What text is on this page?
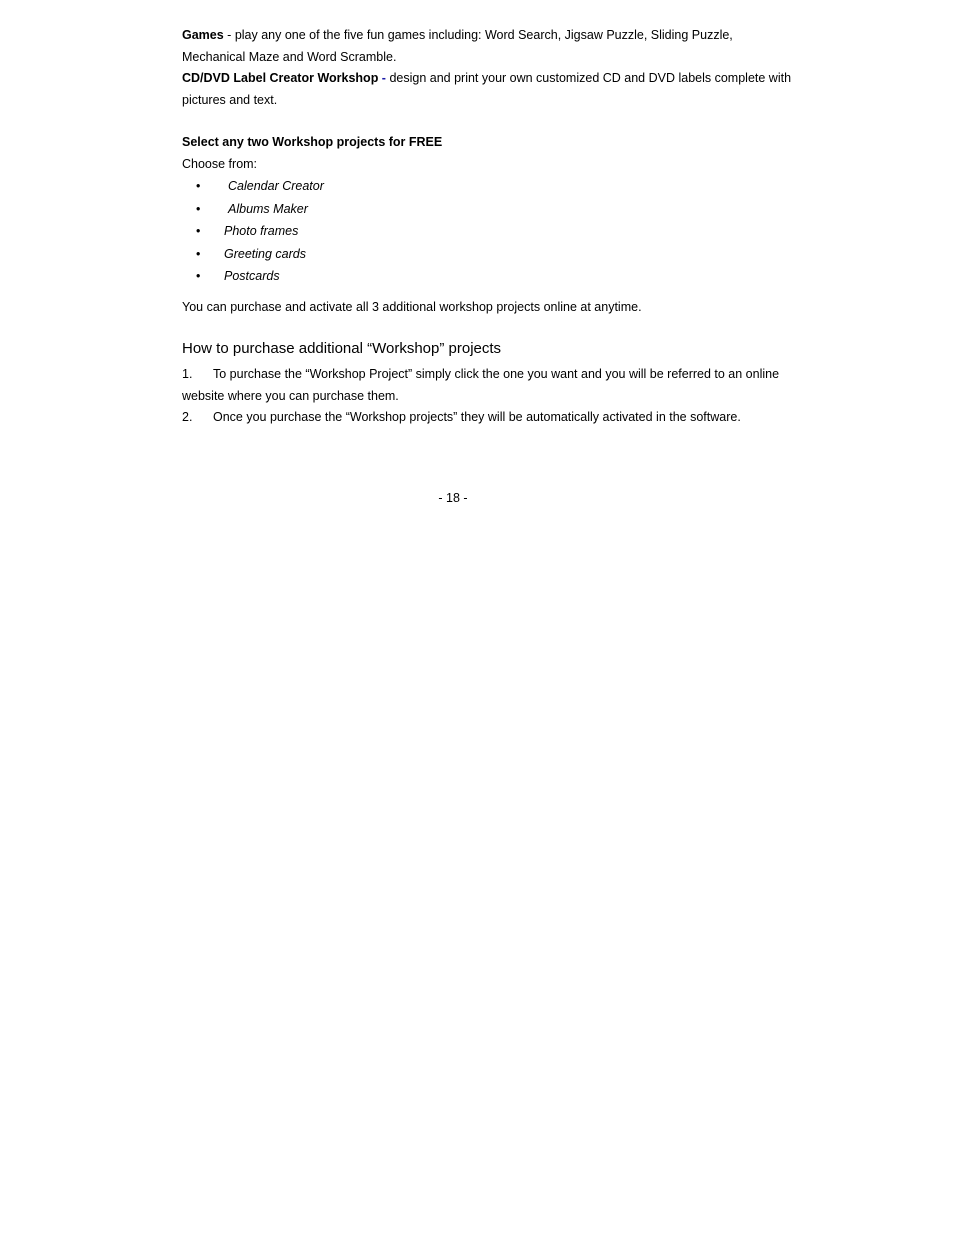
Games - play any one of the five fun games including: Word Search, Jigsaw Puzzle, Sliding Puzzle, Mechanical Maze and Word Scramble.

CD/DVD Label Creator Workshop - design and print your own customized CD and DVD labels complete with pictures and text.

Select any two Workshop projects for FREE

Choose from:

• Calendar Creator
• Albums Maker
• Photo frames
• Greeting cards
• Postcards

You can purchase and activate all 3 additional workshop projects online at anytime.

How to purchase additional “Workshop” projects

1. To purchase the “Workshop Project” simply click the one you want and you will be referred to an online website where you can purchase them.

2. Once you purchase the “Workshop projects” they will be automatically activated in the software.

- 18 -
